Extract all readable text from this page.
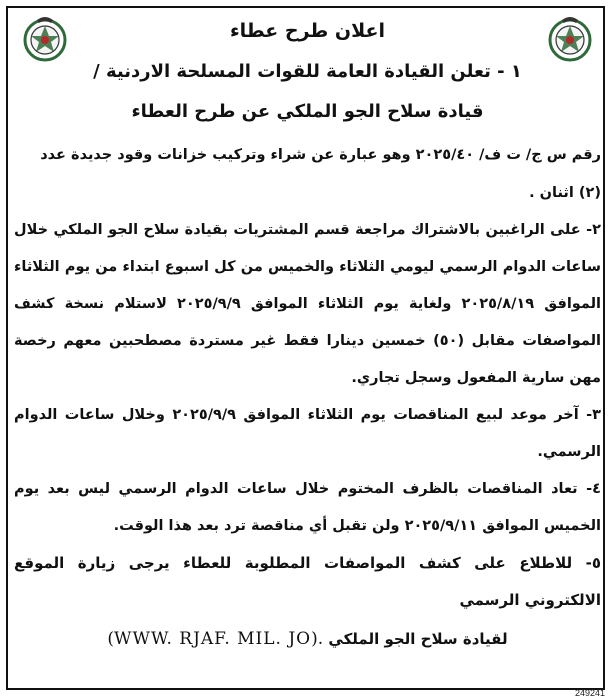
اعلان طرح عطاء
١ - تعلن القيادة العامة للقوات المسلحة الاردنية /
قيادة سلاح الجو الملكي عن طرح العطاء
رقم س ج/ ت ف/ ٢٠٢٥/٤٠ وهو عبارة عن شراء وتركيب خزانات وقود جديدة عدد (٢) اثنان .

٢- على الراغبين بالاشتراك مراجعة قسم المشتريات بقيادة سلاح الجو الملكي خلال ساعات الدوام الرسمي ليومي الثلاثاء والخميس من كل اسبوع ابتداء من يوم الثلاثاء الموافق ٢٠٢٥/٨/١٩ ولغاية يوم الثلاثاء الموافق ٢٠٢٥/٩/٩ لاستلام نسخة كشف المواصفات مقابل (٥٠) خمسين دينارا فقط غير مستردة مصطحبين معهم رخصة مهن سارية المفعول وسجل تجاري.

٣- آخر موعد لبيع المناقصات يوم الثلاثاء الموافق ٢٠٢٥/٩/٩ وخلال ساعات الدوام الرسمي.

٤- تعاد المناقصات بالظرف المختوم خلال ساعات الدوام الرسمي ليس بعد يوم الخميس الموافق ٢٠٢٥/٩/١١ ولن تقبل أي مناقصة ترد بعد هذا الوقت.

٥- للاطلاع على كشف المواصفات المطلوبة للعطاء يرجى زيارة الموقع الالكتروني الرسمي

لقيادة سلاح الجو الملكي (WWW. RJAF. MIL. JO).
249241
